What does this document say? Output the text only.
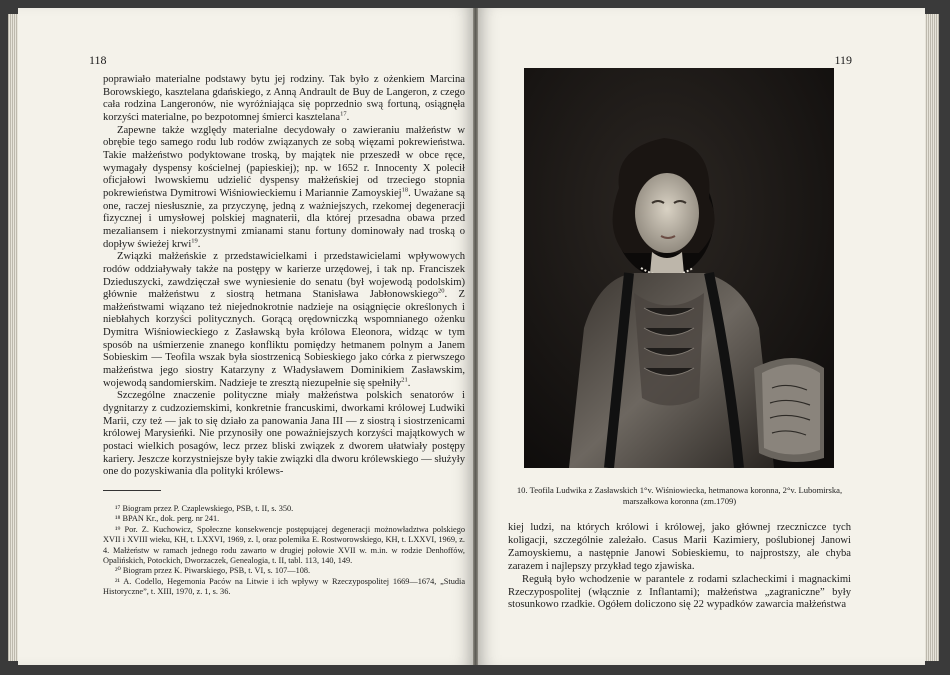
118

poprawiało materialne podstawy bytu jej rodziny. Tak było z ożenkiem Marcina Borowskiego, kasztelana gdańskiego, z Anną Andrault de Buy de Langeron, z czego cała rodzina Langeronów, nie wyróżniająca się poprzednio swą fortuną, osiągnęła korzyści materialne, po bezpotomnej śmierci kasztelana$^{17}$.

Zapewne także względy materialne decydowały o zawieraniu małżeństw w obrębie tego samego rodu lub rodów związanych ze sobą więzami pokrewieństwa. Takie małżeństwo podyktowane troską, by majątek nie przeszedł w obce ręce, wymagały dyspensy kościelnej (papieskiej); np. w 1652 r. Innocenty X polecił oficjałowi lwowskiemu udzielić dyspensy małżeńskiej od trzeciego stopnia pokrewieństwa Dymitrowi Wiśniowieckiemu i Mariannie Zamoyskiej$^{18}$. Uważane są one, raczej niesłusznie, za przyczynę, jedną z ważniejszych, rzekomej degeneracji fizycznej i umysłowej polskiej magnaterii, dla której przesadna obawa przed mezaliansem i niekorzystnymi zmianami stanu fortuny dominowały nad troską o dopływ świeżej krwi$^{19}$.

Związki małżeńskie z przedstawicielkami i przedstawicielami wpływowych rodów oddziaływały także na postępy w karierze urzędowej, i tak np. Franciszek Dzieduszycki, zawdzięczał swe wyniesienie do senatu (był wojewodą podolskim) głównie małżeństwu z siostrą hetmana Stanisława Jabłonowskiego$^{20}$. Z małżeństwami wiązano też niejednokrotnie nadzieje na osiągnięcie określonych i niebłahych korzyści politycznych. Gorącą orędowniczką wspomnianego ożenku Dymitra Wiśniowieckiego z Zasławską była królowa Eleonora, widząc w tym sposób na uśmierzenie znanego konfliktu pomiędzy hetmanem polnym a Janem Sobieskim — Teofila wszak była siostrzenicą Sobieskiego jako córka z pierwszego małżeństwa jego siostry Katarzyny z Władysławem Dominikiem Zasławskim, wojewodą sandomierskim. Nadzieje te zresztą niezupełnie się spełniły$^{21}$.

Szczególne znaczenie polityczne miały małżeństwa polskich senatorów i dygnitarzy z cudzoziemskimi, konkretnie francuskimi, dworkami królowej Ludwiki Marii, czy też — jak to się działo za panowania Jana III — z siostrą i siostrzenicami królowej Marysieńki. Nie przynosiły one poważniejszych korzyści majątkowych w postaci wielkich posagów, lecz przez bliski związek z dworem ułatwiały postępy kariery. Jeszcze korzystniejsze były takie związki dla dworu królewskiego — służyły one do pozyskiwania dla polityki królews-

¹⁷ Biogram przez P. Czaplewskiego, PSB, t. II, s. 350.

¹⁸ BPAN Kr., dok. perg. nr 241.

¹⁹ Por. Z. Kuchowicz, Społeczne konsekwencje postępującej degeneracji możnowładztwa polskiego XVII i XVIII wieku, KH, t. LXXVI, 1969, z. l, oraz polemika E. Rostworowskiego, KH, t. LXXVI, 1969, z. 4. Małżeństw w ramach jednego rodu zawarto w drugiej połowie XVII w. m.in. w rodzie Denhoffów, Opalińskich, Potockich, Dworzaczek, Genealogia, t. II, tabl. 113, 140, 149.

²⁰ Biogram przez K. Piwarskiego, PSB, t. VI, s. 107—108.

²¹ A. Codello, Hegemonia Paców na Litwie i ich wpływy w Rzeczypospolitej 1669—1674, „Studia Historyczne”, t. XIII, 1970, z. 1, s. 36.

119
10. Teofila Ludwika z Zasławskich 1°v. Wiśniowiecka, hetmanowa koronna, 2°v. Lubomirska,
marszałkowa koronna (zm.1709)

kiej ludzi, na których królowi i królowej, jako głównej rzeczniczce tych koligacji, szczególnie zależało. Casus Marii Kazimiery, poślubionej Janowi Zamoyskiemu, a następnie Janowi Sobieskiemu, to najprostszy, ale chyba zarazem i najlepszy przykład tego zjawiska.

Regułą było wchodzenie w parantele z rodami szlacheckimi i magnackimi Rzeczypospolitej (włącznie z Inflantami); małżeństwa „zagraniczne” były stosunkowo rzadkie. Ogółem doliczono się 22 wypadków zawarcia małżeństwa
